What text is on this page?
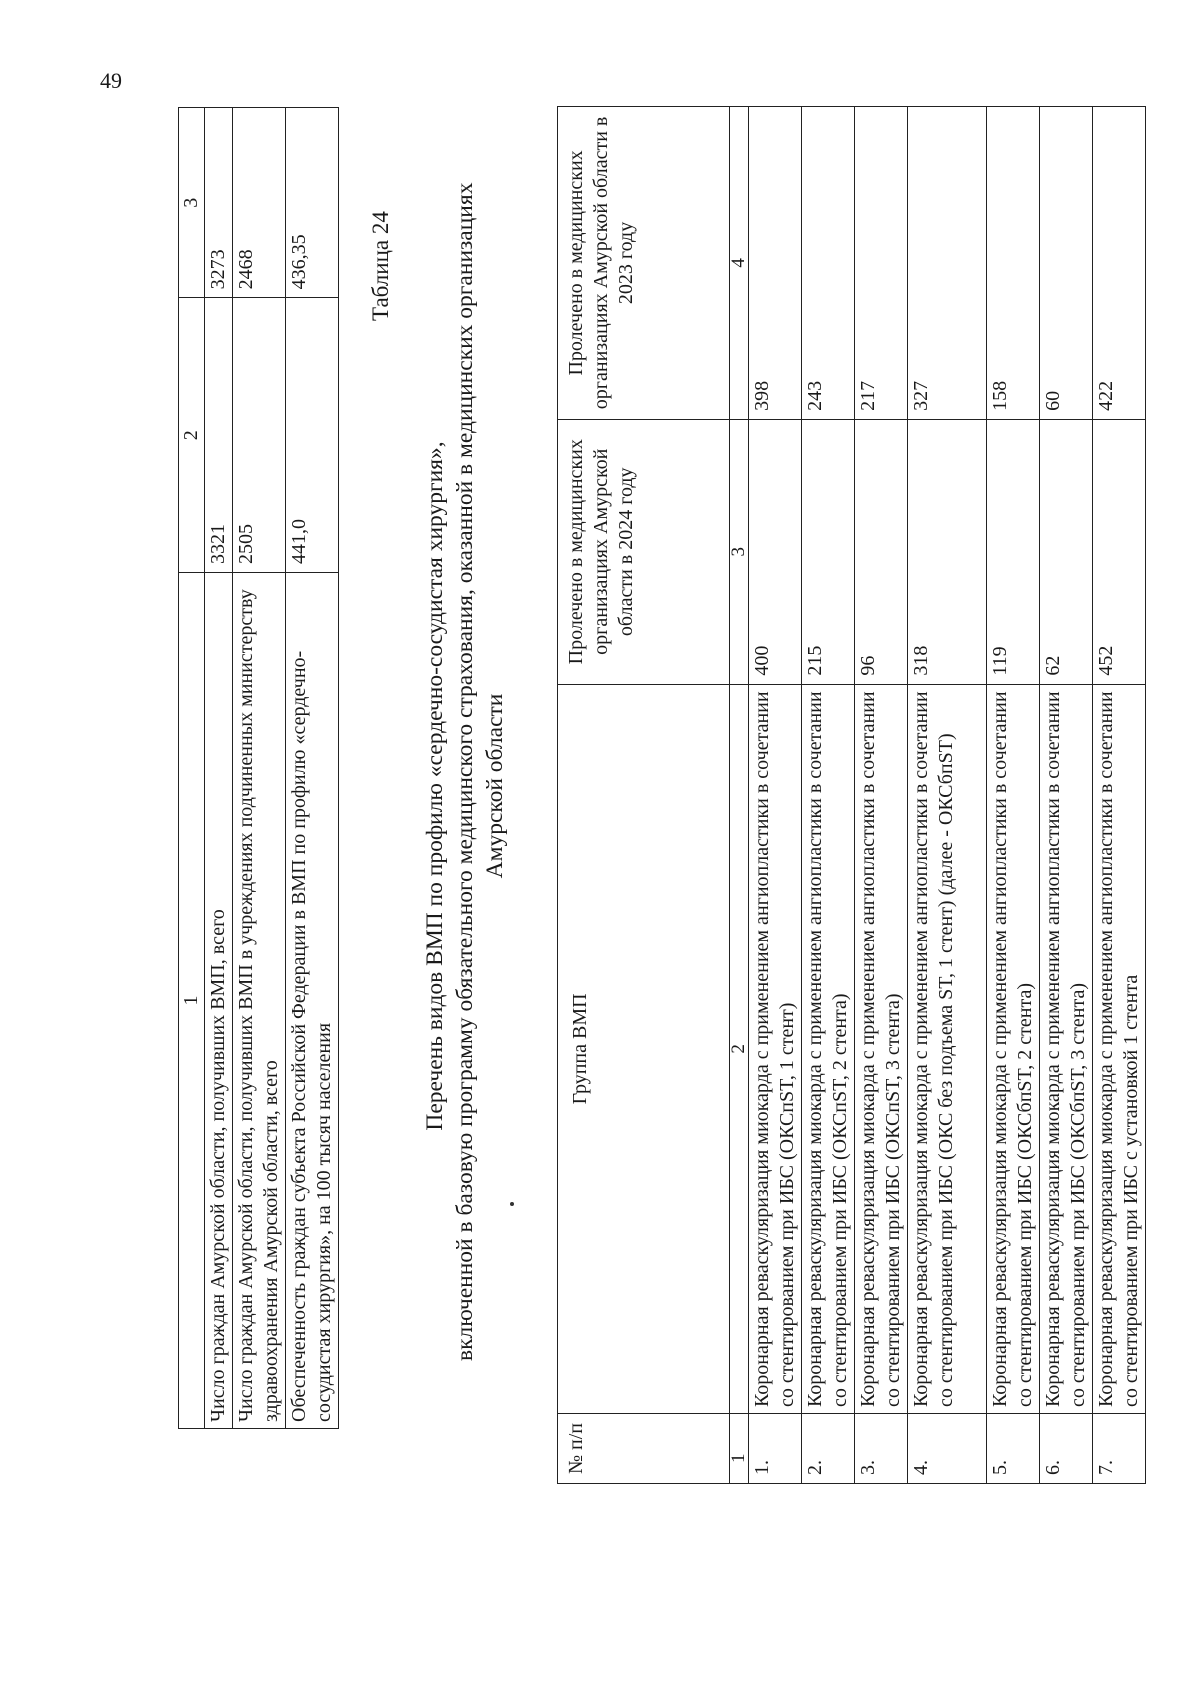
49
1	2	3
Число граждан Амурской области, получивших ВМП, всего	3321	3273
Число граждан Амурской области, получивших ВМП в учреждениях подчиненных министерству здравоохранения Амурской области, всего	2505	2468
Обеспеченность граждан субъекта Российской Федерации в ВМП по профилю «сердечно-сосудистая хирургия», на 100 тысяч населения	441,0	436,35	Таблица 24
Перечень видов ВМП по профилю «сердечно-сосудистая хирургия», включенной в базовую программу обязательного медицинского страхования, оказанной в медицинских организациях Амурской области
№ п/п	Группа ВМП	Пролечено в медицинских организациях Амурской области в 2024 году	Пролечено в медицинских организациях Амурской области в 2023 году
1	2	3	4
1.	Коронарная реваскуляризация миокарда с применением ангиопластики в сочетании со стентированием при ИБС (ОКСпST, 1 стент)	400	398
2.	Коронарная реваскуляризация миокарда с применением ангиопластики в сочетании со стентированием при ИБС (ОКСпST, 2 стента)	215	243
3.	Коронарная реваскуляризация миокарда с применением ангиопластики в сочетании со стентированием при ИБС (ОКСпST, 3 стента)	96	217
4.	Коронарная реваскуляризация миокарда с применением ангиопластики в сочетании со стентированием при ИБС (ОКС без подъема ST, 1 стент) (далее - ОКСбпST)	318	327
5.	Коронарная реваскуляризация миокарда с применением ангиопластики в сочетании со стентированием при ИБС (ОКСбпST, 2 стента)	119	158
6.	Коронарная реваскуляризация миокарда с применением ангиопластики в сочетании со стентированием при ИБС (ОКСбпST, 3 стента)	62	60
7.	Коронарная реваскуляризация миокарда с применением ангиопластики в сочетании со стентированием при ИБС с установкой 1 стента	452	422
